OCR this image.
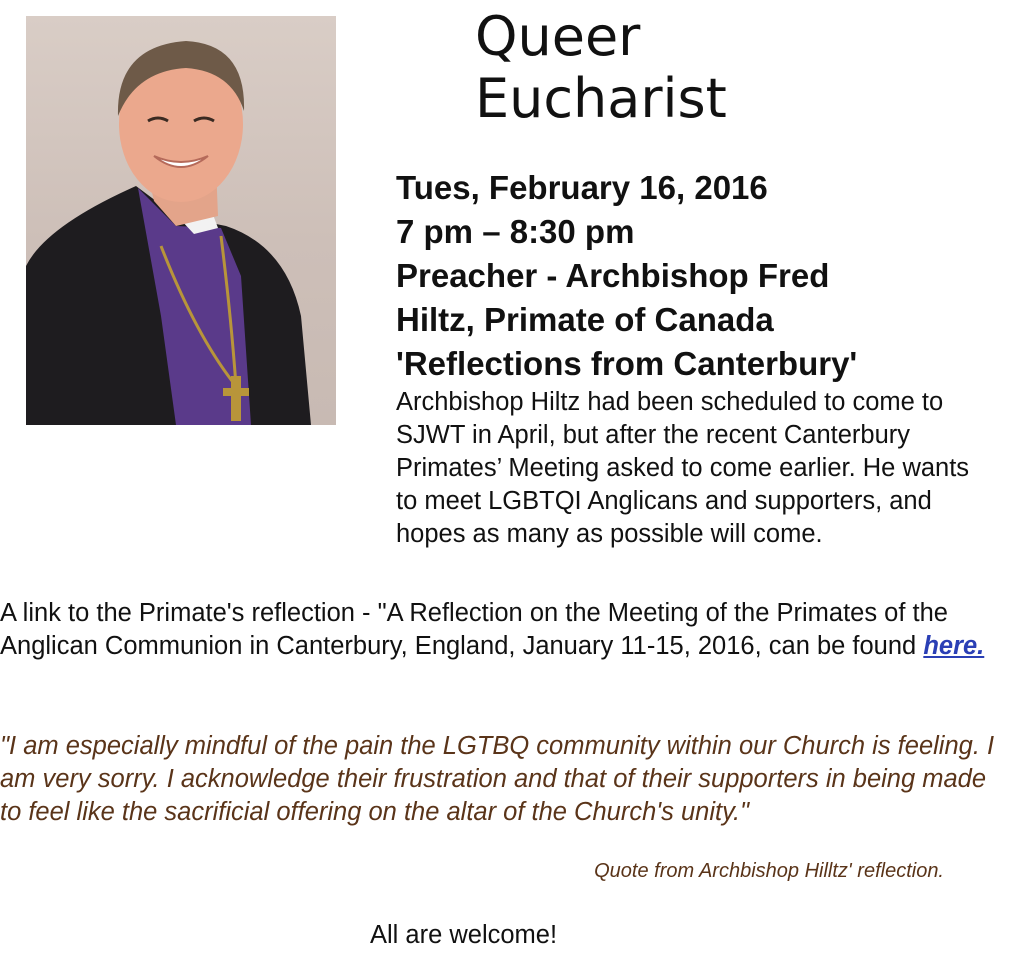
Queer
Eucharist
Tues, February 16, 2016
7 pm – 8:30 pm
Preacher - Archbishop Fred
Hiltz, Primate of Canada
'Reflections from Canterbury'

Archbishop Hiltz had been scheduled to come to SJWT in April, but after the recent Canterbury Primates’ Meeting asked to come earlier. He wants to meet LGBTQI Anglicans and supporters, and hopes as many as possible will come.

A link to the Primate's reflection - "A Reflection on the Meeting of the Primates of the Anglican Communion in Canterbury, England, January 11-15, 2016, can be found here.

"I am especially mindful of the pain the LGTBQ community within our Church is feeling. I am very sorry. I acknowledge their frustration and that of their supporters in being made to feel like the sacrificial offering on the altar of the Church's unity."

Quote from Archbishop Hilltz' reflection.

All are welcome!
